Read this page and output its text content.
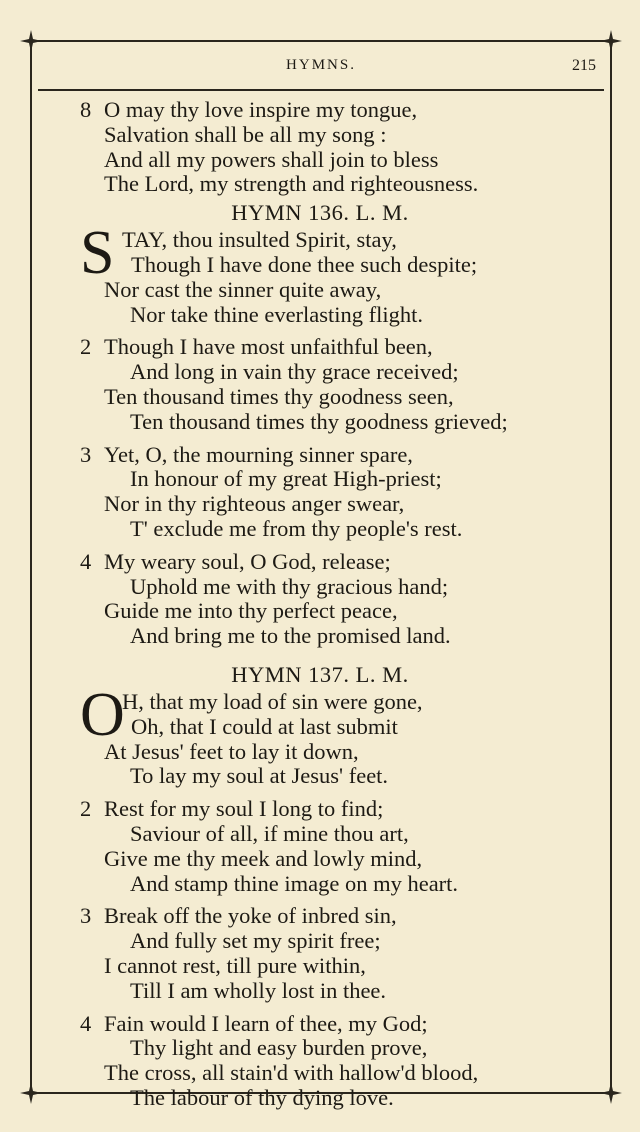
HYMNS.	215
8 O may thy love inspire my tongue,
Salvation shall be all my song :
And all my powers shall join to bless
The Lord, my strength and righteousness.
HYMN 136. L. M.
S TAY, thou insulted Spirit, stay,
Though I have done thee such despite;
Nor cast the sinner quite away,
Nor take thine everlasting flight.
2 Though I have most unfaithful been,
And long in vain thy grace received;
Ten thousand times thy goodness seen,
Ten thousand times thy goodness grieved;
3 Yet, O, the mourning sinner spare,
In honour of my great High-priest;
Nor in thy righteous anger swear,
T' exclude me from thy people's rest.
4 My weary soul, O God, release;
Uphold me with thy gracious hand;
Guide me into thy perfect peace,
And bring me to the promised land.
HYMN 137. L. M.
O
H, that my load of sin were gone,
Oh, that I could at last submit
At Jesus' feet to lay it down,
To lay my soul at Jesus' feet.
2 Rest for my soul I long to find;
Saviour of all, if mine thou art,
Give me thy meek and lowly mind,
And stamp thine image on my heart.
3 Break off the yoke of inbred sin,
And fully set my spirit free;
I cannot rest, till pure within,
Till I am wholly lost in thee.
4 Fain would I learn of thee, my God;
Thy light and easy burden prove,
The cross, all stain'd with hallow'd blood,
The labour of thy dying love.
